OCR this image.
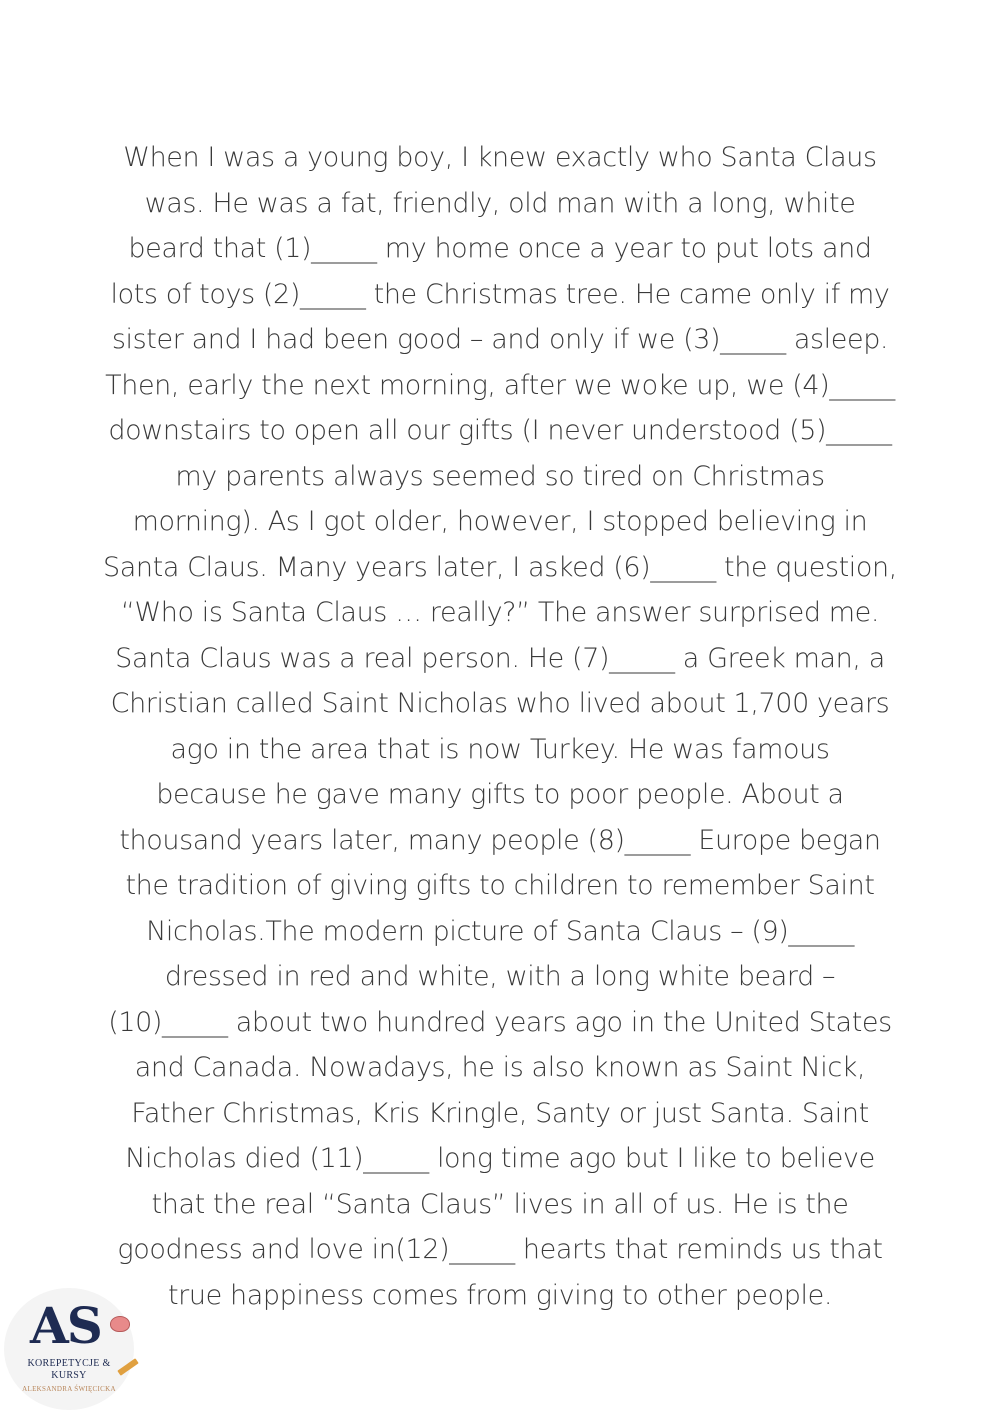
When I was a young boy, I knew exactly who Santa Claus
was. He was a fat, friendly, old man with a long, white
beard that (1)_____ my home once a year to put lots and
lots of toys (2)_____ the Christmas tree. He came only if my
sister and I had been good – and only if we (3)_____ asleep.
Then, early the next morning, after we woke up, we (4)_____
downstairs to open all our gifts (I never understood (5)_____
my parents always seemed so tired on Christmas
morning). As I got older, however, I stopped believing in
Santa Claus. Many years later, I asked (6)_____ the question,
“Who is Santa Claus … really?” The answer surprised me.
Santa Claus was a real person. He (7)_____ a Greek man, a
Christian called Saint Nicholas who lived about 1,700 years
ago in the area that is now Turkey. He was famous
because he gave many gifts to poor people. About a
thousand years later, many people (8)_____ Europe began
the tradition of giving gifts to children to remember Saint
Nicholas.The modern picture of Santa Claus – (9)_____
dressed in red and white, with a long white beard –
(10)_____ about two hundred years ago in the United States
and Canada. Nowadays, he is also known as Saint Nick,
Father Christmas, Kris Kringle, Santy or just Santa. Saint
Nicholas died (11)_____ long time ago but I like to believe
that the real “Santa Claus” lives in all of us. He is the
goodness and love in(12)_____ hearts that reminds us that
true happiness comes from giving to other people.
AS
KOREPETYCJE &
KURSY
ALEKSANDRA ŚWIĘCICKA
